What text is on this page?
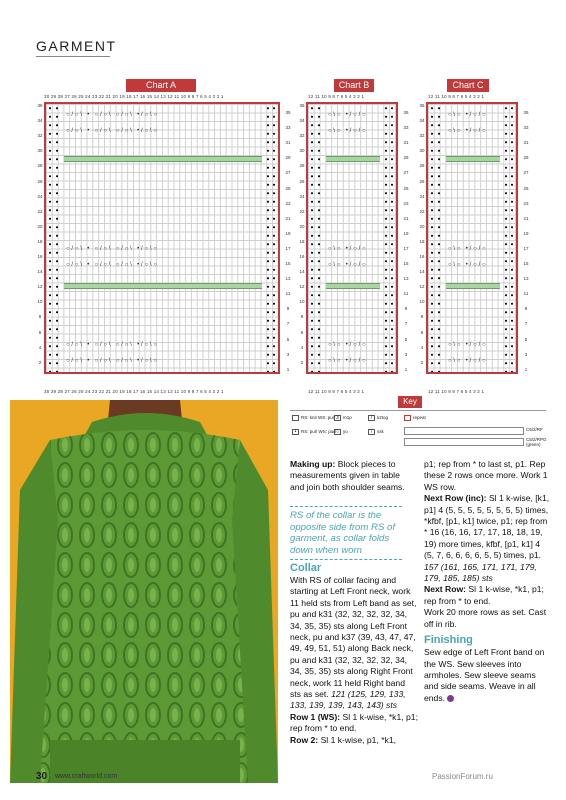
GARMENT
Chart A
30 29 28 27 26 25 24 23 22 21 20 19 18 17 16 15 14 13 12 11 10 9 8 7 6 5 4 3 2 1
30 29 28 27 26 25 24 23 22 21 20 19 18 17 16 15 14 13 12 11 10 9 8 7 6 5 4 3 2 1
Chart B
12 11 10 9 8 7 6 5 4 3 2 1
12 11 10 9 8 7 6 5 4 3 2 1
Chart C
12 11 10 9 8 7 6 5 4 3 2 1
12 11 10 9 8 7 6 5 4 3 2 1
○/○\ • ○/○\ ○/○\ •/○\○
○/○\ • ○/○\ ○/○\ •/○\○
○/○\ • ○/○\ ○/○\ •/○\○
○/○\ • ○/○\ ○/○\ •/○\○
○/○\ • ○/○\ ○/○\ •/○\○
○/○\ • ○/○\ ○/○\ •/○\○
○\○ •/○/○
○\○ •/○/○
○\○ •/○/○
○\○ •/○/○
○\○ •/○/○
○\○ •/○/○
○\○ •/○/○
○\○ •/○/○
○\○ •/○/○
○\○ •/○/○
○\○ •/○/○
○\○ •/○/○
36	36	36
34	34	34
32	32	32
30	30	30
28	28	28
26	26	26
24	24	24
22	22	22
20	20	20
18	18	18
16	16	16
14	14	14
12	12	12
10	10	10
8	8	8
6	6	6
4	4	4
2	2	2
35	35	35
33	33	33
31	31	31
29	29	29
27	27	27
25	25	25
23	23	23
21	21	21
19	19	19
17	17	17
15	15	15
13	13	13
11	11	11
9	9	9
7	7	7
5	5	5
3	3	3
1	1	1
Key
RS: knit WS: purl
• RS: purl WS: purl
ℬ m1p
○ yo
/ k2tog
\ ssk
repeat
C5/2/RF
C5/2/RPG (green)
Making up: Block pieces to measurements given in table and join both shoulder seams.
RS of the collar is the opposite side from RS of garment, as collar folds down when worn
Collar
With RS of collar facing and starting at Left Front neck, work 11 held sts from Left band as set, pu and k31 (32, 32, 32, 32, 34, 34, 35, 35) sts along Left Front neck, pu and k37 (39, 43, 47, 47, 49, 49, 51, 51) along Back neck, pu and k31 (32, 32, 32, 32, 34, 34, 35, 35) sts along Right Front neck, work 11 held Right band sts as set. 121 (125, 129, 133, 133, 139, 139, 143, 143) sts
Row 1 (WS): Sl 1 k-wise, *k1, p1; rep from * to end.
Row 2: Sl 1 k-wise, p1, *k1,
p1; rep from * to last st, p1. Rep these 2 rows once more. Work 1 WS row.
Next Row (inc): Sl 1 k-wise, [k1, p1] 4 (5, 5, 5, 5, 5, 5, 5, 5) times, *kfbf, [p1, k1] twice, p1; rep from * 16 (16, 16, 17, 17, 18, 18, 19, 19) more times, kfbf, [p1, k1] 4 (5, 7, 6, 6, 6, 6, 5, 5) times, p1. 157 (161, 165, 171, 171, 179, 179, 185, 185) sts
Next Row: Sl 1 k-wise, *k1, p1; rep from * to end.
Work 20 more rows as set. Cast off in rib.
Finishing
Sew edge of Left Front band on the WS. Sew sleeves into armholes. Sew sleeve seams and side seams. Weave in all ends.
30 www.craftworld.com	PassionForum.ru
